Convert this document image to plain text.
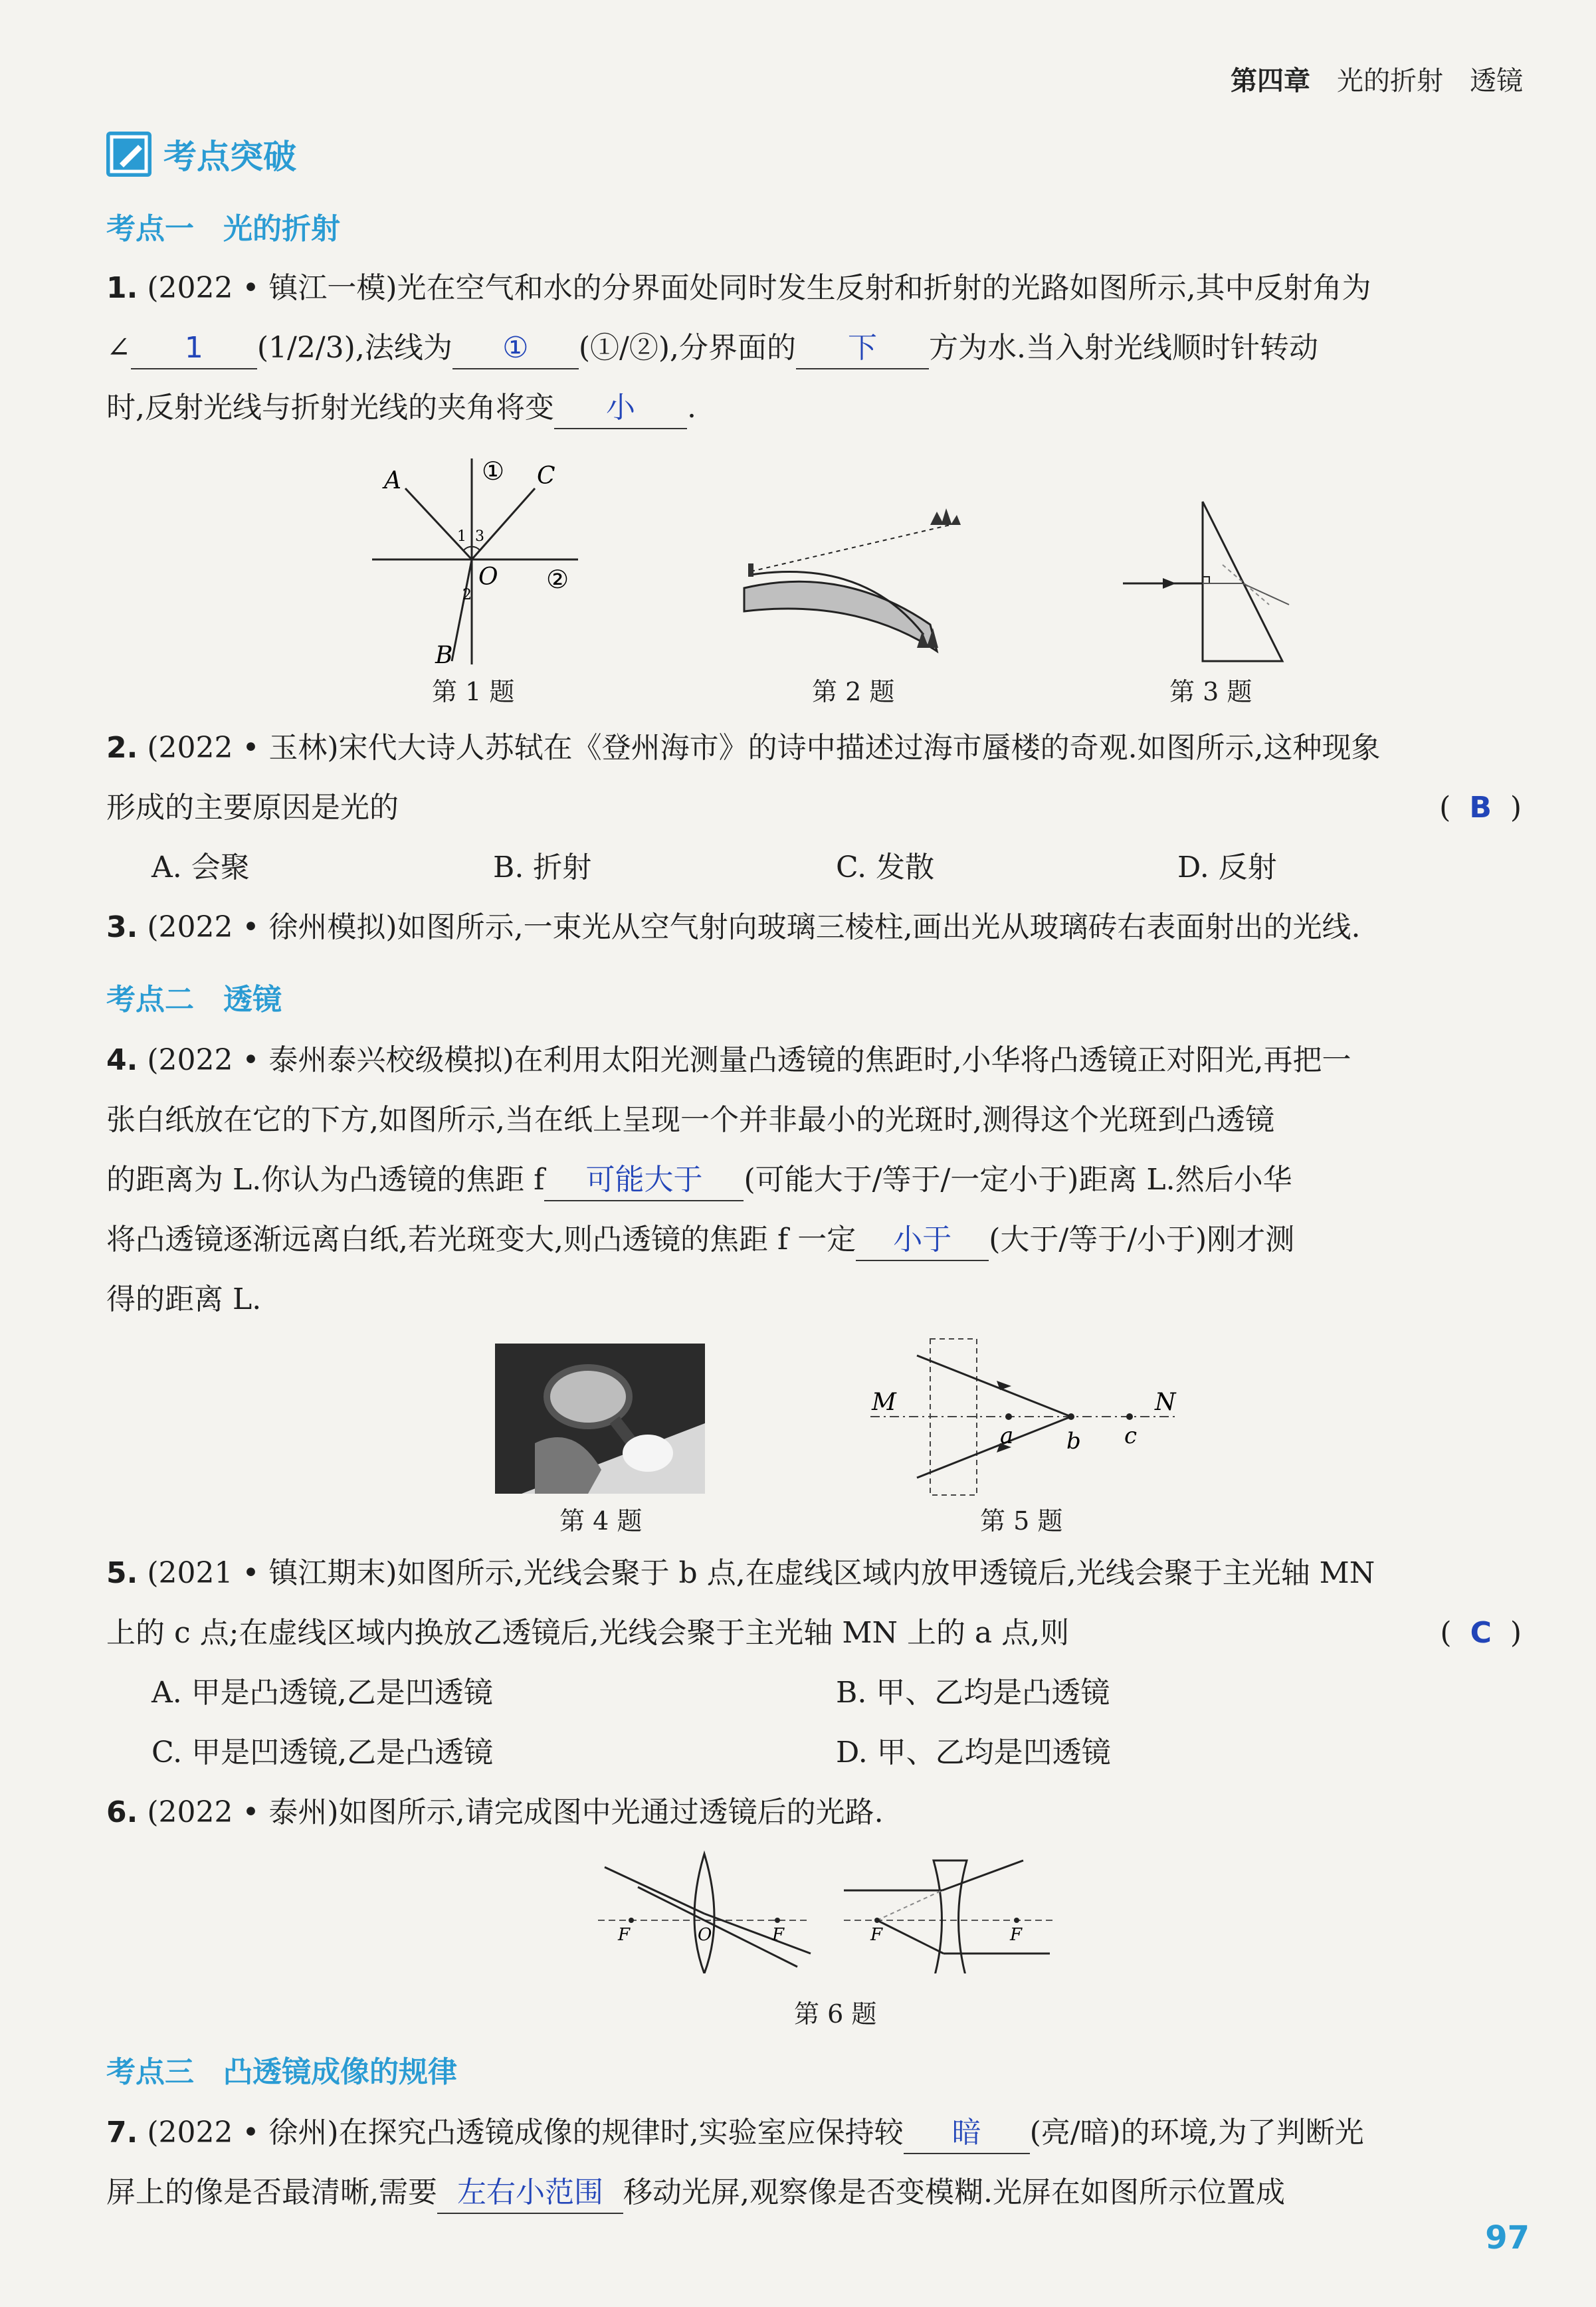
第四章 光的折射 透镜
考点突破
考点一 光的折射
1. (2022 • 镇江一模)光在空气和水的分界面处同时发生反射和折射的光路如图所示,其中反射角为
∠ 1 (1/2/3),法线为 ① (①/②),分界面的 下 方为水.当入射光线顺时针转动
时,反射光线与折射光线的夹角将变 小 .
A	C
B
O
①
②
1 3
2
第 1 题	第 2 题	第 3 题
2. (2022 • 玉林)宋代大诗人苏轼在《登州海市》的诗中描述过海市蜃楼的奇观.如图所示,这种现象
形成的主要原因是光的	(  B  )
A. 会聚	B. 折射	C. 发散	D. 反射
3. (2022 • 徐州模拟)如图所示,一束光从空气射向玻璃三棱柱,画出光从玻璃砖右表面射出的光线.
考点二 透镜
4. (2022 • 泰州泰兴校级模拟)在利用太阳光测量凸透镜的焦距时,小华将凸透镜正对阳光,再把一
张白纸放在它的下方,如图所示,当在纸上呈现一个并非最小的光斑时,测得这个光斑到凸透镜
的距离为 L.你认为凸透镜的焦距 f 可能大于 (可能大于/等于/一定小于)距离 L.然后小华
将凸透镜逐渐远离白纸,若光斑变大,则凸透镜的焦距 f 一定 小于 (大于/等于/小于)刚才测
得的距离 L.
第 4 题
M	N
a b c
第 5 题
5. (2021 • 镇江期末)如图所示,光线会聚于 b 点,在虚线区域内放甲透镜后,光线会聚于主光轴 MN
上的 c 点;在虚线区域内换放乙透镜后,光线会聚于主光轴 MN 上的 a 点,则	(  C  )
A. 甲是凸透镜,乙是凹透镜	B. 甲、乙均是凸透镜
C. 甲是凹透镜,乙是凸透镜	D. 甲、乙均是凹透镜
6. (2022 • 泰州)如图所示,请完成图中光通过透镜后的光路.
F	O	F	F	F
第 6 题
考点三 凸透镜成像的规律
7. (2022 • 徐州)在探究凸透镜成像的规律时,实验室应保持较 暗 (亮/暗)的环境,为了判断光
屏上的像是否最清晰,需要 左右小范围 移动光屏,观察像是否变模糊.光屏在如图所示位置成
97
